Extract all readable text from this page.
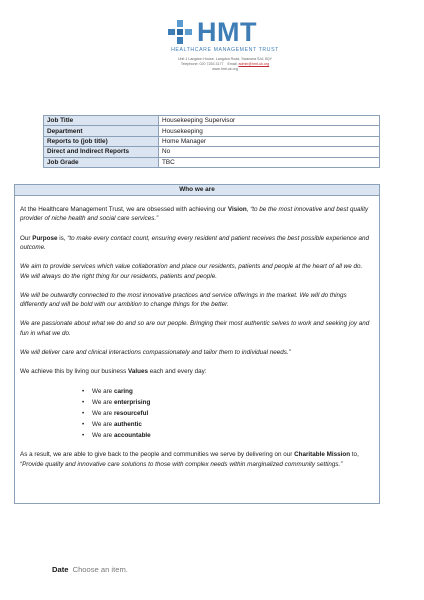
HMT
HEALTHCARE MANAGEMENT TRUST
Unit 1 Langdon House, Langdon Road, Swansea SA1 8QY
Telephone: 020 7253 3177 Email: admin@hmt-uk.org
www.hmt-uk.org
Job Title	Housekeeping Supervisor
Department	Housekeeping
Reports to (job title)	Home Manager
Direct and Indirect Reports	No
Job Grade	TBC
Who we are

At the Healthcare Management Trust, we are obsessed with achieving our Vision, “to be the most innovative and best quality provider of niche health and social care services.”

Our Purpose is, “to make every contact count, ensuring every resident and patient receives the best possible experience and outcome.

We aim to provide services which value collaboration and place our residents, patients and people at the heart of all we do. We will always do the right thing for our residents, patients and people.

We will be outwardly connected to the most innovative practices and service offerings in the market. We will do things differently and will be bold with our ambition to change things for the better.

We are passionate about what we do and so are our people. Bringing their most authentic selves to work and seeking joy and fun in what we do.

We will deliver care and clinical interactions compassionately and tailor them to individual needs.”

We achieve this by living our business Values each and every day:

• We are caring
• We are enterprising
• We are resourceful
• We are authentic
• We are accountable

As a result, we are able to give back to the people and communities we serve by delivering on our Charitable Mission to, “Provide quality and innovative care solutions to those with complex needs within marginalized community settings.”

Date Choose an item.
